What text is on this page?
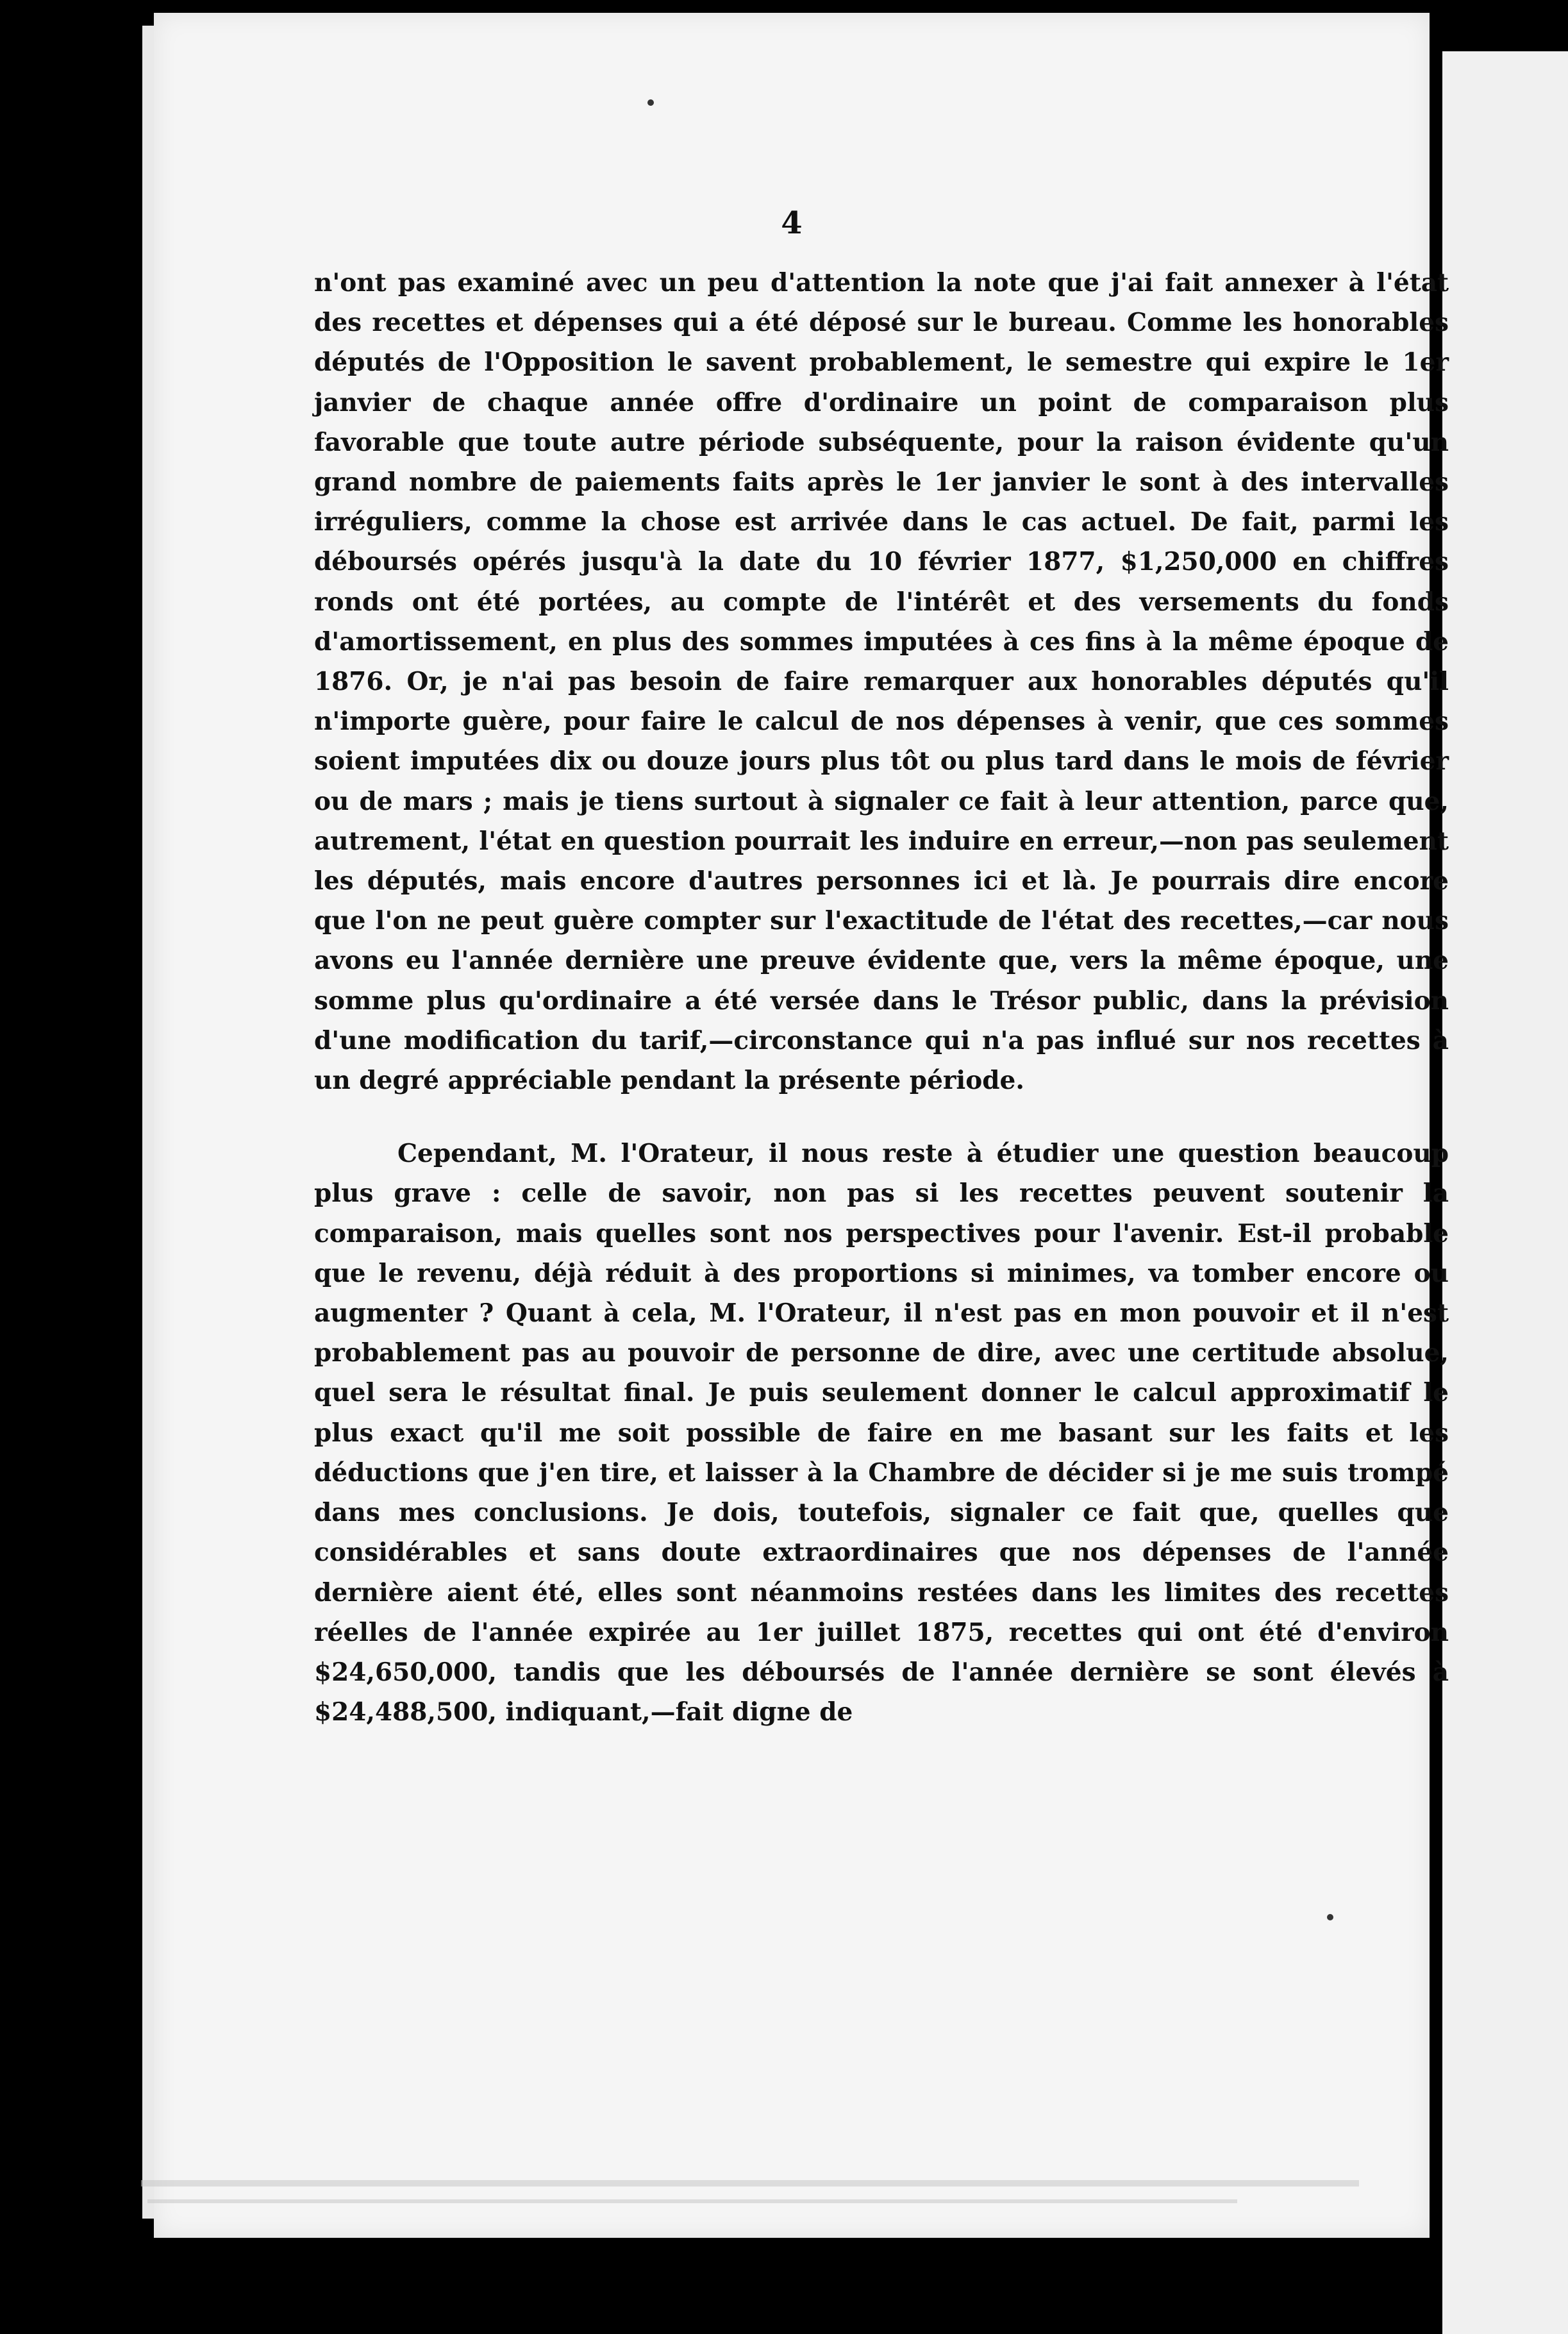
4

n'ont pas examiné avec un peu d'attention la note que j'ai fait annexer à l'état des recettes et dépenses qui a été déposé sur le bureau. Comme les honorables députés de l'Opposition le savent probablement, le semestre qui expire le 1er janvier de chaque année offre d'ordinaire un point de comparaison plus favorable que toute autre période subséquente, pour la raison évidente qu'un grand nombre de paiements faits après le 1er janvier le sont à des intervalles irréguliers, comme la chose est arrivée dans le cas actuel. De fait, parmi les déboursés opérés jusqu'à la date du 10 février 1877, $1,250,000 en chiffres ronds ont été portées, au compte de l'intérêt et des versements du fonds d'amortissement, en plus des sommes imputées à ces fins à la même époque de 1876. Or, je n'ai pas besoin de faire remarquer aux honorables députés qu'il n'importe guère, pour faire le calcul de nos dépenses à venir, que ces sommes soient imputées dix ou douze jours plus tôt ou plus tard dans le mois de février ou de mars ; mais je tiens surtout à signaler ce fait à leur attention, parce que, autrement, l'état en question pourrait les induire en erreur,—non pas seulement les députés, mais encore d'autres personnes ici et là. Je pourrais dire encore que l'on ne peut guère compter sur l'exactitude de l'état des recettes,—car nous avons eu l'année dernière une preuve évidente que, vers la même époque, une somme plus qu'ordinaire a été versée dans le Trésor public, dans la prévision d'une modification du tarif,—circonstance qui n'a pas influé sur nos recettes à un degré appréciable pendant la présente période.

Cependant, M. l'Orateur, il nous reste à étudier une question beaucoup plus grave : celle de savoir, non pas si les recettes peuvent soutenir la comparaison, mais quelles sont nos perspectives pour l'avenir. Est-il probable que le revenu, déjà réduit à des proportions si minimes, va tomber encore ou augmenter ? Quant à cela, M. l'Orateur, il n'est pas en mon pouvoir et il n'est probablement pas au pouvoir de personne de dire, avec une certitude absolue, quel sera le résultat final. Je puis seulement donner le calcul approximatif le plus exact qu'il me soit possible de faire en me basant sur les faits et les déductions que j'en tire, et laisser à la Chambre de décider si je me suis trompé dans mes conclusions. Je dois, toutefois, signaler ce fait que, quelles que considérables et sans doute extraordinaires que nos dépenses de l'année dernière aient été, elles sont néanmoins restées dans les limites des recettes réelles de l'année expirée au 1er juillet 1875, recettes qui ont été d'environ $24,650,000, tandis que les déboursés de l'année dernière se sont élevés à $24,488,500, indiquant,—fait digne de
